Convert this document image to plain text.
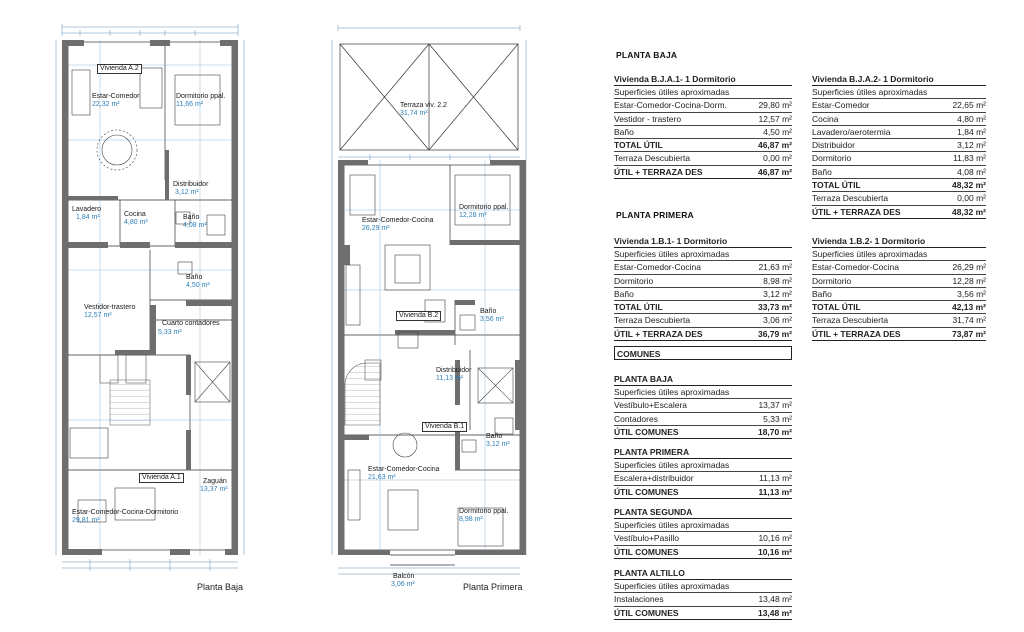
Vivienda A.2
Estar-Comedor
22,32 m²
Dormitorio ppal.
11,66 m²
Distribuidor
3,12 m²
Lavadero
1,84 m²	Cocina
4,80 m²
Baño
4,08 m²
Baño
4,50 m²
Vestidor-trastero
12,57 m²
Cuarto contadores
5,33 m²
Vivienda A.1
Zaguán
13,37 m²
Estar-Comedor-Cocina-Dormitorio
29,81 m²
Terraza viv. 2.2
31,74 m²
Estar-Comedor-Cocina
26,29 m²
Dormitorio ppal.
12,28 m²
Vivienda B.2
Baño
3,56 m²
Distribuidor
11,13 m²
Vivienda B.1
Baño
3,12 m²
Estar-Comedor-Cocina
21,63 m²
Dormitorio ppal.
8,98 m²
Balcón
3,06 m²
Planta Baja	Planta Primera
PLANTA BAJA
Vivienda B.J.A.1- 1 Dormitorio
Superficies útiles aproximadas
Estar-Comedor-Cocina-Dorm.	29,80 m²
Vestidor - trastero	12,57 m²
Baño	4,50 m²
TOTAL ÚTIL	46,87 m²
Terraza Descubierta	0,00 m²
ÚTIL + TERRAZA DES	46,87 m²
Vivienda B.J.A.2- 1 Dormitorio
Superficies útiles aproximadas
Estar-Comedor	22,65 m²
Cocina	4,80 m²
Lavadero/aerotermia	1,84 m²
Distribuidor	3,12 m²
Dormitorio	11,83 m²
Baño	4,08 m²
TOTAL ÚTIL	48,32 m²
Terraza Descubierta	0,00 m²
ÚTIL + TERRAZA DES	48,32 m²
PLANTA PRIMERA
Vivienda 1.B.1- 1 Dormitorio
Superficies útiles aproximadas
Estar-Comedor-Cocina	21,63 m²
Dormitorio	8,98 m²
Baño	3,12 m²
TOTAL ÚTIL	33,73 m²
Terraza Descubierta	3,06 m²
ÚTIL + TERRAZA DES	36,79 m²
Vivienda 1.B.2- 1 Dormitorio
Superficies útiles aproximadas
Estar-Comedor-Cocina	26,29 m²
Dormitorio	12,28 m²
Baño	3,56 m²
TOTAL ÚTIL	42,13 m²
Terraza Descubierta	31,74 m²
ÚTIL + TERRAZA DES	73,87 m²
COMUNES
PLANTA BAJA
Superficies útiles aproximadas
Vestíbulo+Escalera	13,37 m²
Contadores	5,33 m²
ÚTIL COMUNES	18,70 m²
PLANTA PRIMERA
Superficies útiles aproximadas
Escalera+distribuidor	11,13 m²
ÚTIL COMUNES	11,13 m²
PLANTA SEGUNDA
Superficies útiles aproximadas
Vestíbulo+Pasillo	10,16 m²
ÚTIL COMUNES	10,16 m²
PLANTA ALTILLO
Superficies útiles aproximadas
Instalaciones	13,48 m²
ÚTIL COMUNES	13,48 m²
